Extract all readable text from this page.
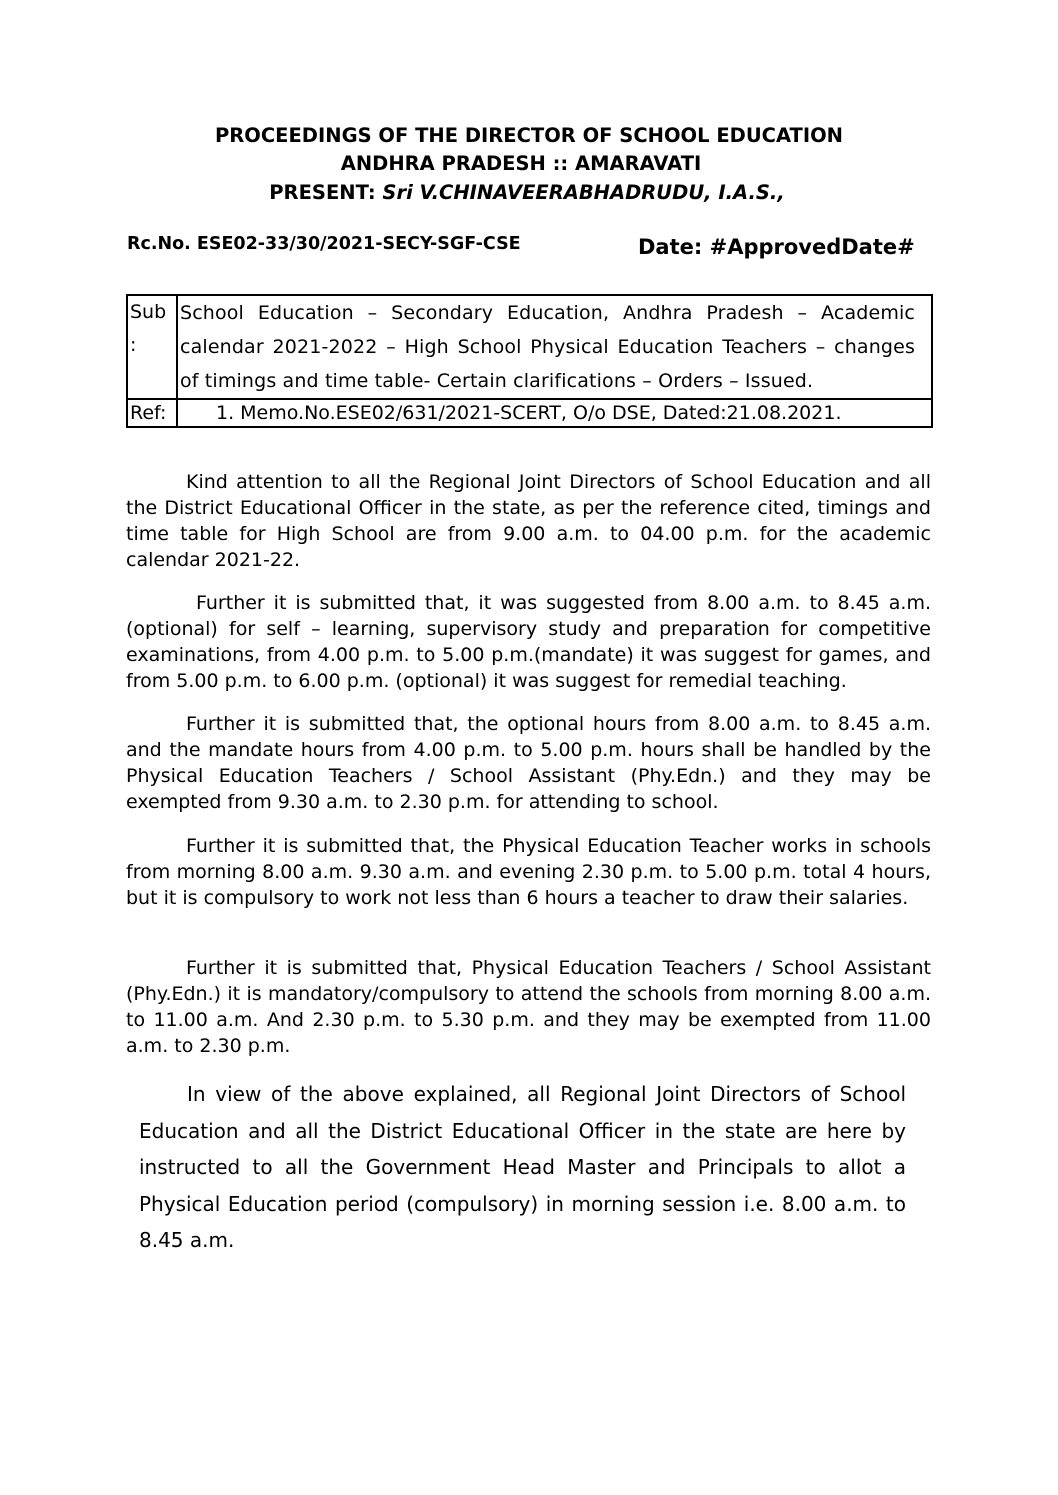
PROCEEDINGS OF THE DIRECTOR OF SCHOOL EDUCATION
ANDHRA PRADESH :: AMARAVATI
PRESENT: Sri V.CHINAVEERABHADRUDU, I.A.S.,
Rc.No. ESE02-33/30/2021-SECY-SGF-CSE	Date: #ApprovedDate#
Sub
:	School Education – Secondary Education, Andhra Pradesh – Academic calendar 2021-2022 – High School Physical Education Teachers – changes of timings and time table- Certain clarifications – Orders – Issued.
Ref:	1. Memo.No.ESE02/631/2021-SCERT, O/o DSE, Dated:21.08.2021.

Kind attention to all the Regional Joint Directors of School Education and all the District Educational Officer in the state, as per the reference cited, timings and time table for High School are from 9.00 a.m. to 04.00 p.m. for the academic calendar 2021-22.

Further it is submitted that, it was suggested from 8.00 a.m. to 8.45 a.m. (optional) for self – learning, supervisory study and preparation for competitive examinations, from 4.00 p.m. to 5.00 p.m.(mandate) it was suggest for games, and from 5.00 p.m. to 6.00 p.m. (optional) it was suggest for remedial teaching.

Further it is submitted that, the optional hours from 8.00 a.m. to 8.45 a.m. and the mandate hours from 4.00 p.m. to 5.00 p.m. hours shall be handled by the Physical Education Teachers / School Assistant (Phy.Edn.) and they may be exempted from 9.30 a.m. to 2.30 p.m. for attending to school.

Further it is submitted that, the Physical Education Teacher works in schools from morning 8.00 a.m. 9.30 a.m. and evening 2.30 p.m. to 5.00 p.m. total 4 hours, but it is compulsory to work not less than 6 hours a teacher to draw their salaries.

Further it is submitted that, Physical Education Teachers / School Assistant (Phy.Edn.) it is mandatory/compulsory to attend the schools from morning 8.00 a.m. to 11.00 a.m. And 2.30 p.m. to 5.30 p.m. and they may be exempted from 11.00 a.m. to 2.30 p.m.

In view of the above explained, all Regional Joint Directors of School Education and all the District Educational Officer in the state are here by instructed to all the Government Head Master and Principals to allot a Physical Education period (compulsory) in morning session i.e. 8.00 a.m. to 8.45 a.m.
